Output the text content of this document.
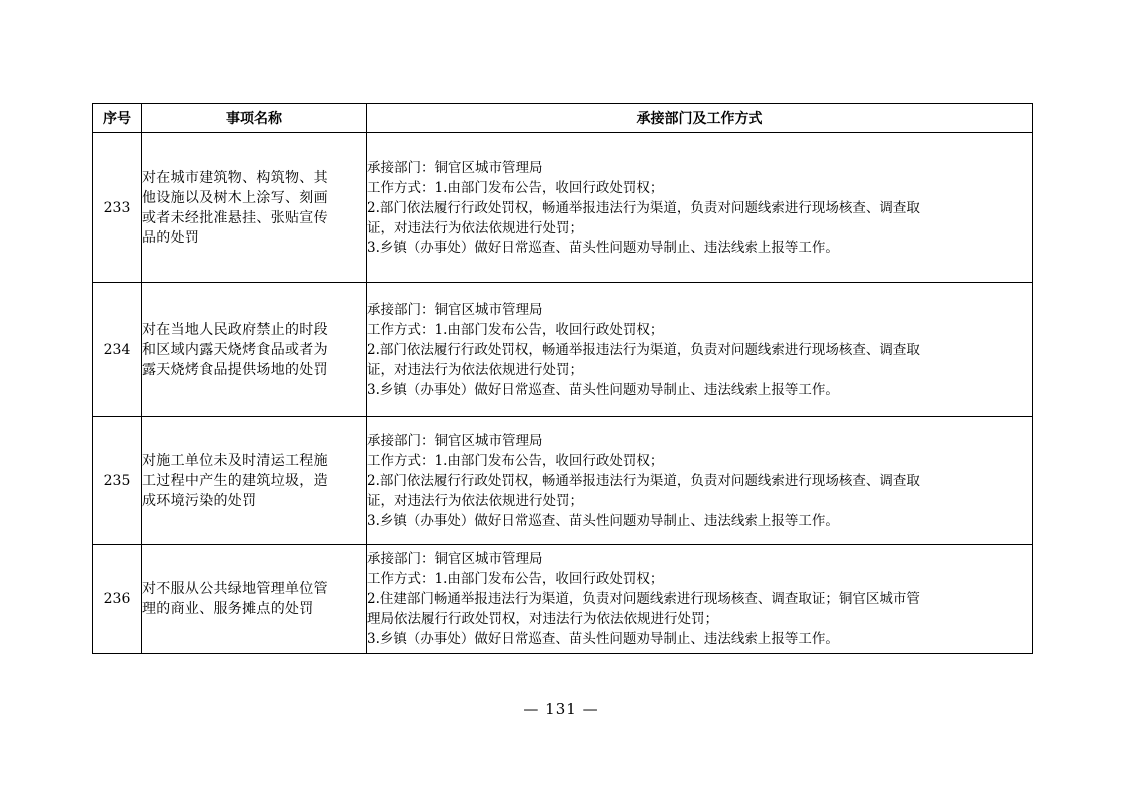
序号	事项名称	承接部门及工作方式
233	对在城市建筑物、构筑物、其
他设施以及树木上涂写、刻画
或者未经批准悬挂、张贴宣传
品的处罚	承接部门：铜官区城市管理局
工作方式：1.由部门发布公告，收回行政处罚权；
2.部门依法履行行政处罚权，畅通举报违法行为渠道，负责对问题线索进行现场核查、调查取
证，对违法行为依法依规进行处罚；
3.乡镇（办事处）做好日常巡查、苗头性问题劝导制止、违法线索上报等工作。

234	对在当地人民政府禁止的时段
和区域内露天烧烤食品或者为
露天烧烤食品提供场地的处罚	承接部门：铜官区城市管理局
工作方式：1.由部门发布公告，收回行政处罚权；
2.部门依法履行行政处罚权，畅通举报违法行为渠道，负责对问题线索进行现场核查、调查取
证，对违法行为依法依规进行处罚；
3.乡镇（办事处）做好日常巡查、苗头性问题劝导制止、违法线索上报等工作。

235	对施工单位未及时清运工程施
工过程中产生的建筑垃圾，造
成环境污染的处罚	承接部门：铜官区城市管理局
工作方式：1.由部门发布公告，收回行政处罚权；
2.部门依法履行行政处罚权，畅通举报违法行为渠道，负责对问题线索进行现场核查、调查取
证，对违法行为依法依规进行处罚；
3.乡镇（办事处）做好日常巡查、苗头性问题劝导制止、违法线索上报等工作。

236	对不服从公共绿地管理单位管
理的商业、服务摊点的处罚	承接部门：铜官区城市管理局
工作方式：1.由部门发布公告，收回行政处罚权；
2.住建部门畅通举报违法行为渠道，负责对问题线索进行现场核查、调查取证；铜官区城市管
理局依法履行行政处罚权，对违法行为依法依规进行处罚；
3.乡镇（办事处）做好日常巡查、苗头性问题劝导制止、违法线索上报等工作。
— 131 —
